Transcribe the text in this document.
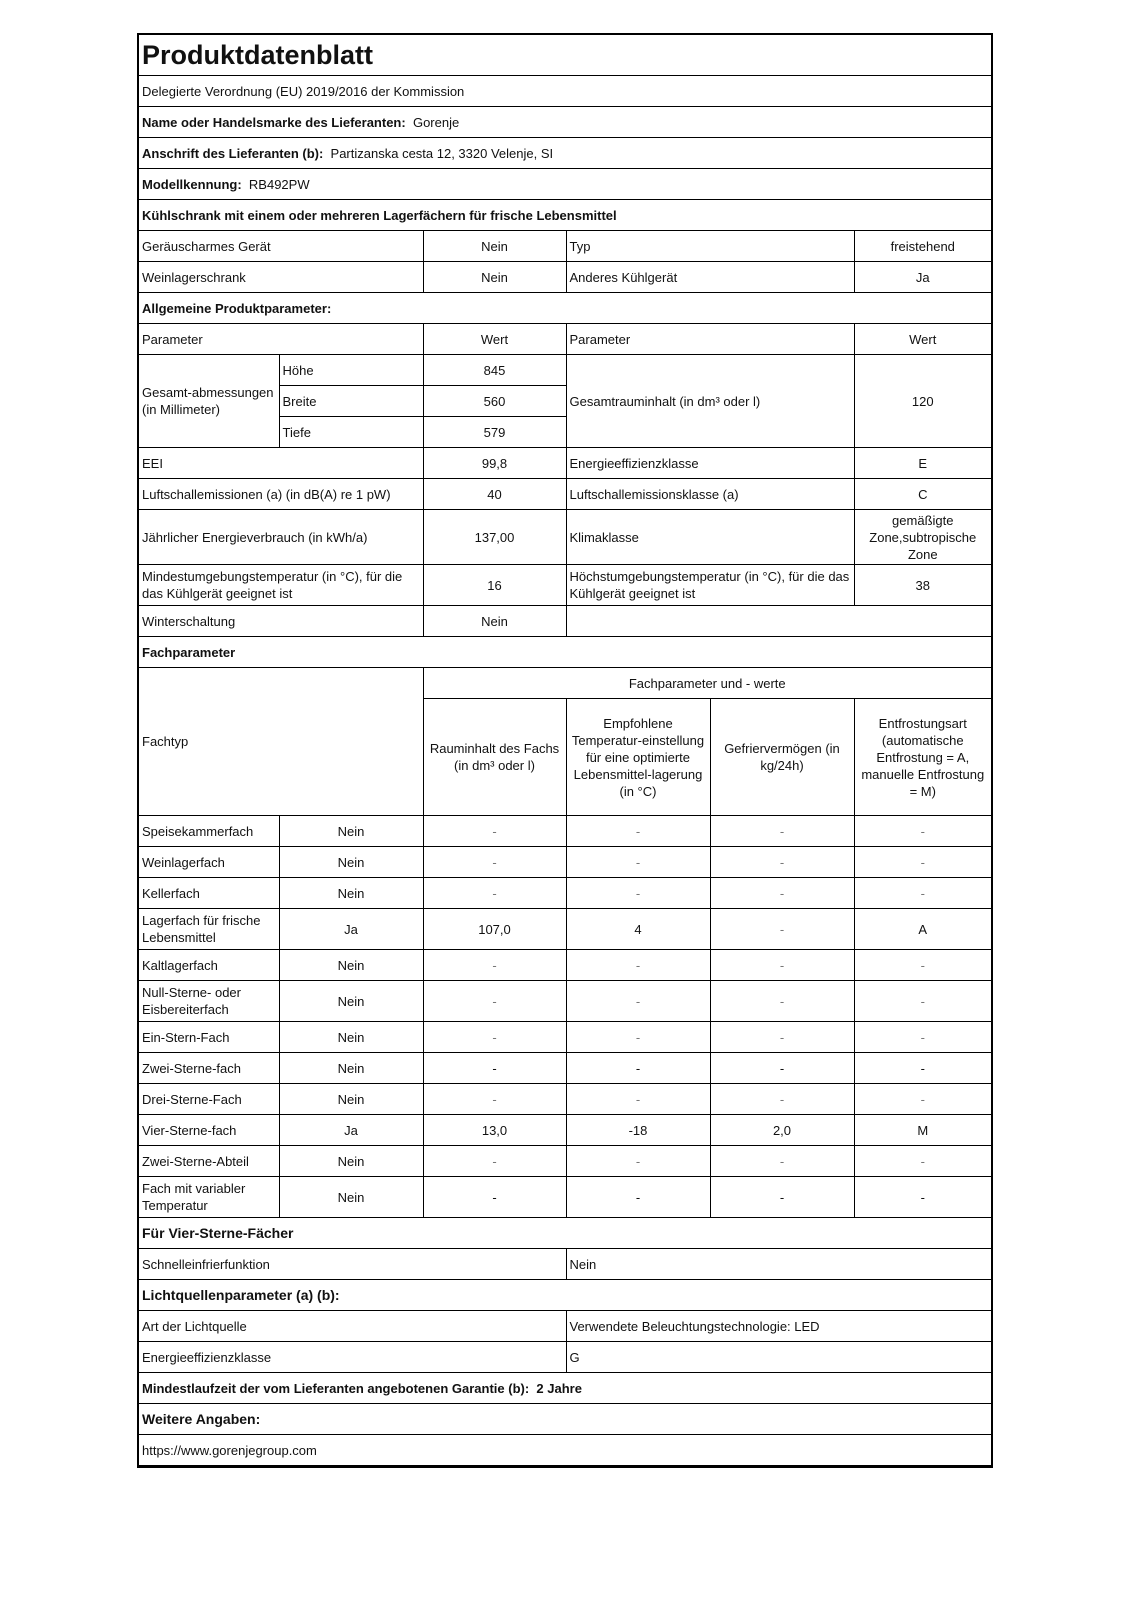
Produktdatenblatt					
Delegierte Verordnung (EU) 2019/2016 der Kommission					
Name oder Handelsmarke des Lieferanten: Gorenje					
Anschrift des Lieferanten (b): Partizanska cesta 12, 3320 Velenje, SI					
Modellkennung: RB492PW					
Kühlschrank mit einem oder mehreren Lagerfächern für frische Lebensmittel					
Geräuscharmes Gerät		Nein	Typ		freistehend
Weinlagerschrank		Nein	Anderes Kühlgerät		Ja
Allgemeine Produktparameter:					
Parameter		Wert	Parameter		Wert
Gesamt-abmessungen (in Millimeter)	Höhe	845	Gesamtrauminhalt (in dm³ oder l)		120
	Breite	560			
	Tiefe	579			
EEI		99,8	Energieeffizienzklasse		E
Luftschallemissionen (a) (in dB(A) re 1 pW)		40	Luftschallemissionsklasse (a)		C
Jährlicher Energieverbrauch (in kWh/a)		137,00	Klimaklasse		gemäßigte Zone,subtropische Zone
Mindestumgebungstemperatur (in °C), für die das Kühlgerät geeignet ist		16	Höchstumgebungstemperatur (in °C), für die das Kühlgerät geeignet ist		38
Winterschaltung		Nein			
Fachparameter					
Fachtyp		Fachparameter und - werte			
		Rauminhalt des Fachs (in dm³ oder l)	Empfohlene Temperatur-einstellung für eine optimierte Lebensmittel-lagerung (in °C)	Gefriervermögen (in kg/24h)	Entfrostungsart (automatische Entfrostung = A, manuelle Entfrostung = M)
Speisekammerfach	Nein	-	-	-	-
Weinlagerfach	Nein	-	-	-	-
Kellerfach	Nein	-	-	-	-
Lagerfach für frische Lebensmittel	Ja	107,0	4	-	A
Kaltlagerfach	Nein	-	-	-	-
Null-Sterne- oder Eisbereiterfach	Nein	-	-	-	-
Ein-Stern-Fach	Nein	-	-	-	-
Zwei-Sterne-fach	Nein	-	-	-	-
Drei-Sterne-Fach	Nein	-	-	-	-
Vier-Sterne-fach	Ja	13,0	-18	2,0	M
Zwei-Sterne-Abteil	Nein	-	-	-	-
Fach mit variabler Temperatur	Nein	-	-	-	-
Für Vier-Sterne-Fächer					
Schnelleinfrierfunktion			Nein		
Lichtquellenparameter (a) (b):					
Art der Lichtquelle			Verwendete Beleuchtungstechnologie: LED		
Energieeffizienzklasse			G		
Mindestlaufzeit der vom Lieferanten angebotenen Garantie (b): 2 Jahre					
Weitere Angaben:					
https://www.gorenjegroup.com					
